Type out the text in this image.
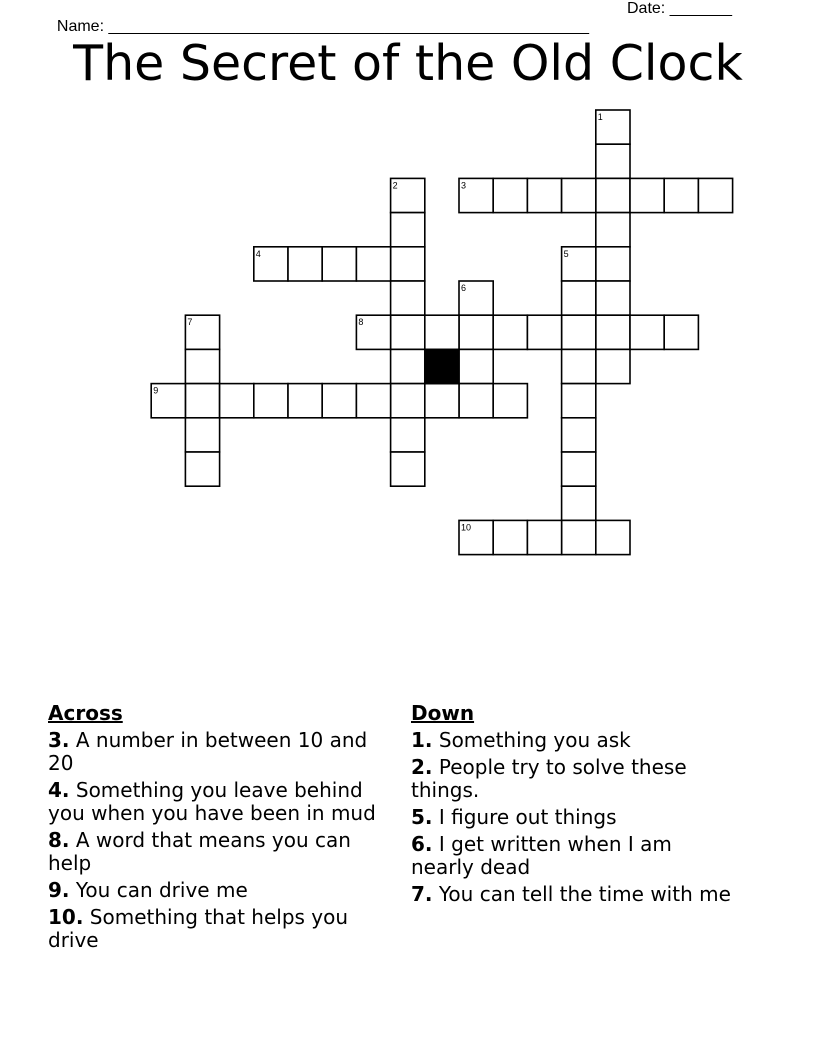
Name: ______________________________________________________

Date: _______

The Secret of the Old Clock
1
2	3
4	5
6
7	8
9
10
Across
3. A number in between 10 and 20
4. Something you leave behind you when you have been in mud
8. A word that means you can help
9. You can drive me
10. Something that helps you drive
Down
1. Something you ask
2. People try to solve these things.
5. I figure out things
6. I get written when I am nearly dead
7. You can tell the time with me
